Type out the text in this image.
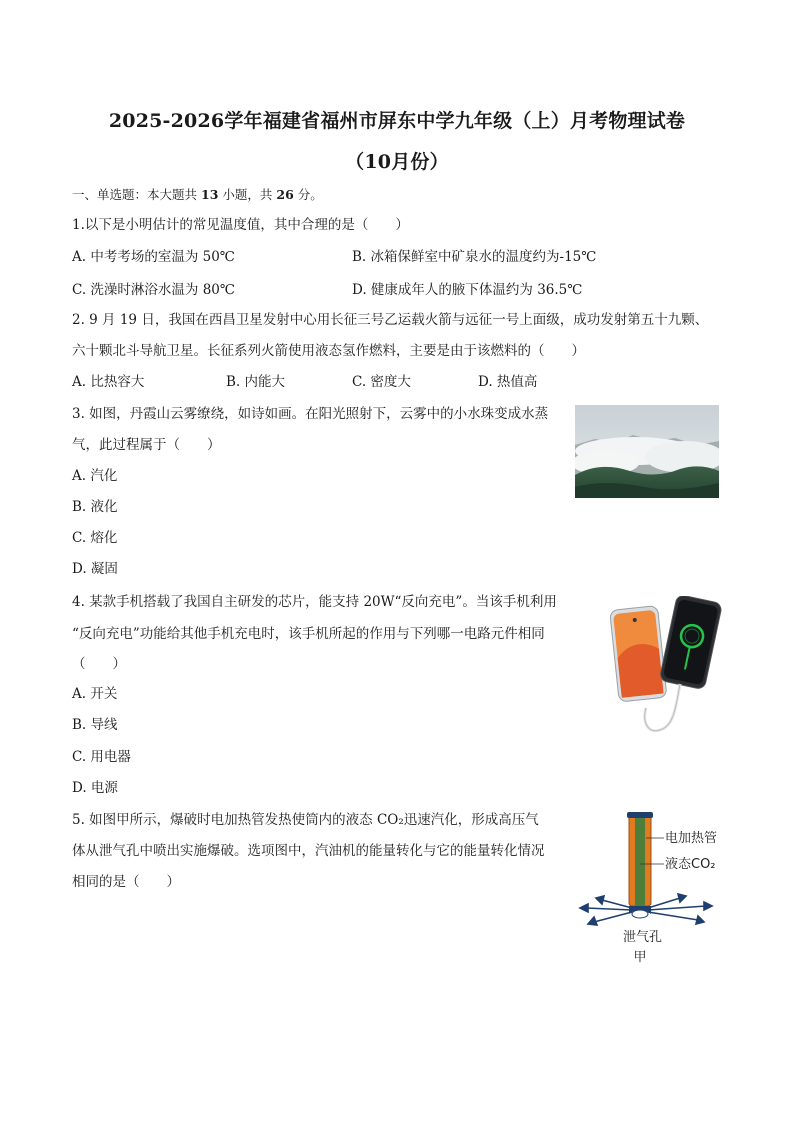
2025-2026学年福建省福州市屏东中学九年级（上）月考物理试卷
（10月份）
一、单选题：本大题共 13 小题，共 26 分。
1.以下是小明估计的常见温度值，其中合理的是（　　）
A. 中考考场的室温为 50℃	B. 冰箱保鲜室中矿泉水的温度约为-15℃
C. 洗澡时淋浴水温为 80℃	D. 健康成年人的腋下体温约为 36.5℃
2. 9 月 19 日，我国在西昌卫星发射中心用长征三号乙运载火箭与远征一号上面级，成功发射第五十九颗、
六十颗北斗导航卫星。长征系列火箭使用液态氢作燃料，主要是由于该燃料的（　　）
A. 比热容大	B. 内能大	C. 密度大	D. 热值高
3. 如图，丹霞山云雾缭绕，如诗如画。在阳光照射下，云雾中的小水珠变成水蒸
气，此过程属于（　　）
A. 汽化
B. 液化
C. 熔化
D. 凝固
4. 某款手机搭载了我国自主研发的芯片，能支持 20W“反向充电”。当该手机利用
“反向充电”功能给其他手机充电时，该手机所起的作用与下列哪一电路元件相同
（　　）
A. 开关
B. 导线
C. 用电器
D. 电源
5. 如图甲所示，爆破时电加热管发热使筒内的液态 CO₂迅速汽化，形成高压气
体从泄气孔中喷出实施爆破。选项图中，汽油机的能量转化与它的能量转化情况
相同的是（　　）
电加热管
液态CO₂
泄气孔
甲
